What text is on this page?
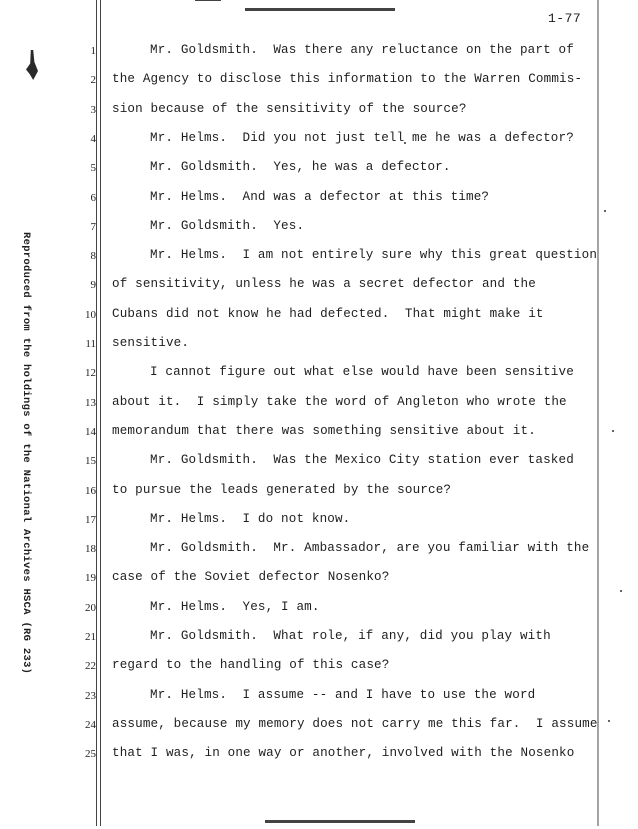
1-77
Reproduced from the holdings of the National Archives HSCA (RG 233)
1	Mr. Goldsmith.  Was there any reluctance on the part of
2 the Agency to disclose this information to the Warren Commis-
3 sion because of the sensitivity of the source?
4	Mr. Helms.  Did you not just tell me he was a defector?
5	Mr. Goldsmith.  Yes, he was a defector.
6	Mr. Helms.  And was a defector at this time?
7	Mr. Goldsmith.  Yes.
8	Mr. Helms.  I am not entirely sure why this great question
9 of sensitivity, unless he was a secret defector and the
10 Cubans did not know he had defected.  That might make it
11 sensitive.
12	I cannot figure out what else would have been sensitive
13 about it.  I simply take the word of Angleton who wrote the
14 memorandum that there was something sensitive about it.
15	Mr. Goldsmith.  Was the Mexico City station ever tasked
16 to pursue the leads generated by the source?
17	Mr. Helms.  I do not know.
18	Mr. Goldsmith.  Mr. Ambassador, are you familiar with the
19 case of the Soviet defector Nosenko?
20	Mr. Helms.  Yes, I am.
21	Mr. Goldsmith.  What role, if any, did you play with
22 regard to the handling of this case?
23	Mr. Helms.  I assume -- and I have to use the word
24 assume, because my memory does not carry me this far.  I assume
25 that I was, in one way or another, involved with the Nosenko
